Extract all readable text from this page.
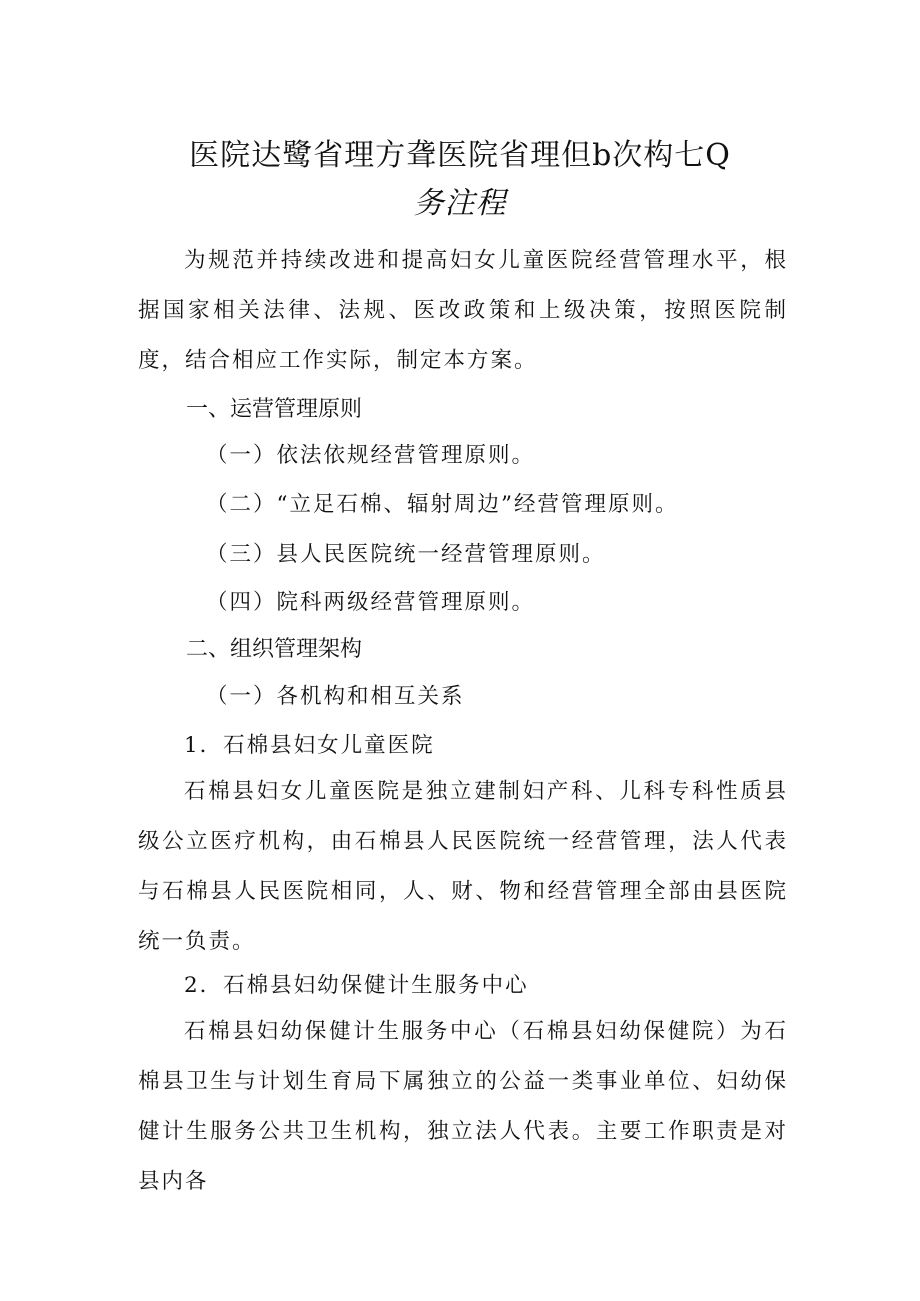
医院达鹭省理方聋医院省理但b次构七Q
务注程

为规范并持续改进和提高妇女儿童医院经营管理水平，根据国家相关法律、法规、医改政策和上级决策，按照医院制度，结合相应工作实际，制定本方案。

一、运营管理原则

（一）依法依规经营管理原则。

（二）“立足石棉、辐射周边”经营管理原则。

（三）县人民医院统一经营管理原则。

（四）院科两级经营管理原则。

二、组织管理架构

（一）各机构和相互关系

1．石棉县妇女儿童医院

石棉县妇女儿童医院是独立建制妇产科、儿科专科性质县级公立医疗机构，由石棉县人民医院统一经营管理，法人代表与石棉县人民医院相同，人、财、物和经营管理全部由县医院统一负责。

2．石棉县妇幼保健计生服务中心

石棉县妇幼保健计生服务中心（石棉县妇幼保健院）为石棉县卫生与计划生育局下属独立的公益一类事业单位、妇幼保健计生服务公共卫生机构，独立法人代表。主要工作职责是对县内各
